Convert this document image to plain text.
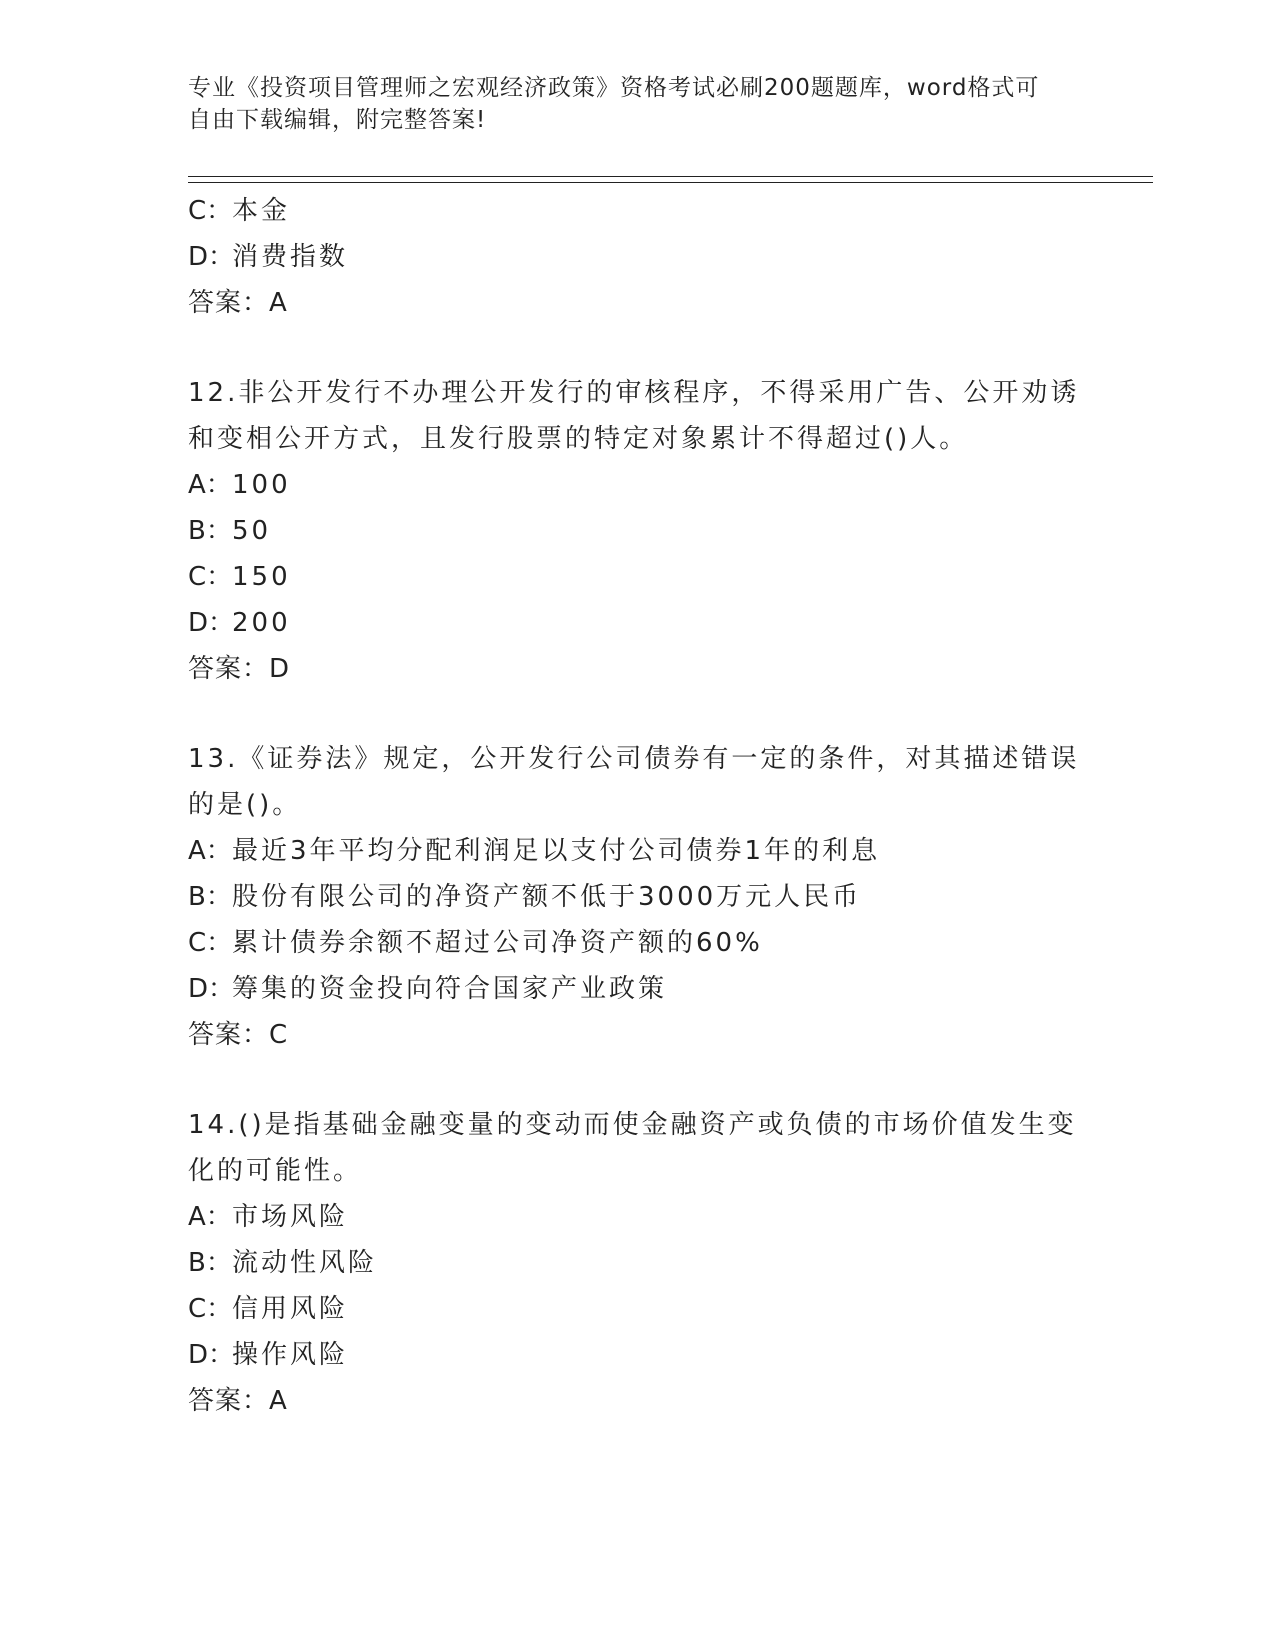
专业《投资项目管理师之宏观经济政策》资格考试必刷200题题库，word格式可
自由下载编辑，附完整答案!
C：本金
D：消费指数
答案：A
12.非公开发行不办理公开发行的审核程序，不得采用广告、公开劝诱
和变相公开方式，且发行股票的特定对象累计不得超过()人。
A：100
B：50
C：150
D：200
答案：D
13.《证券法》规定，公开发行公司债券有一定的条件，对其描述错误
的是()。
A：最近3年平均分配利润足以支付公司债券1年的利息
B：股份有限公司的净资产额不低于3000万元人民币
C：累计债券余额不超过公司净资产额的60%
D：筹集的资金投向符合国家产业政策
答案：C
14.()是指基础金融变量的变动而使金融资产或负债的市场价值发生变
化的可能性。
A：市场风险
B：流动性风险
C：信用风险
D：操作风险
答案：A
